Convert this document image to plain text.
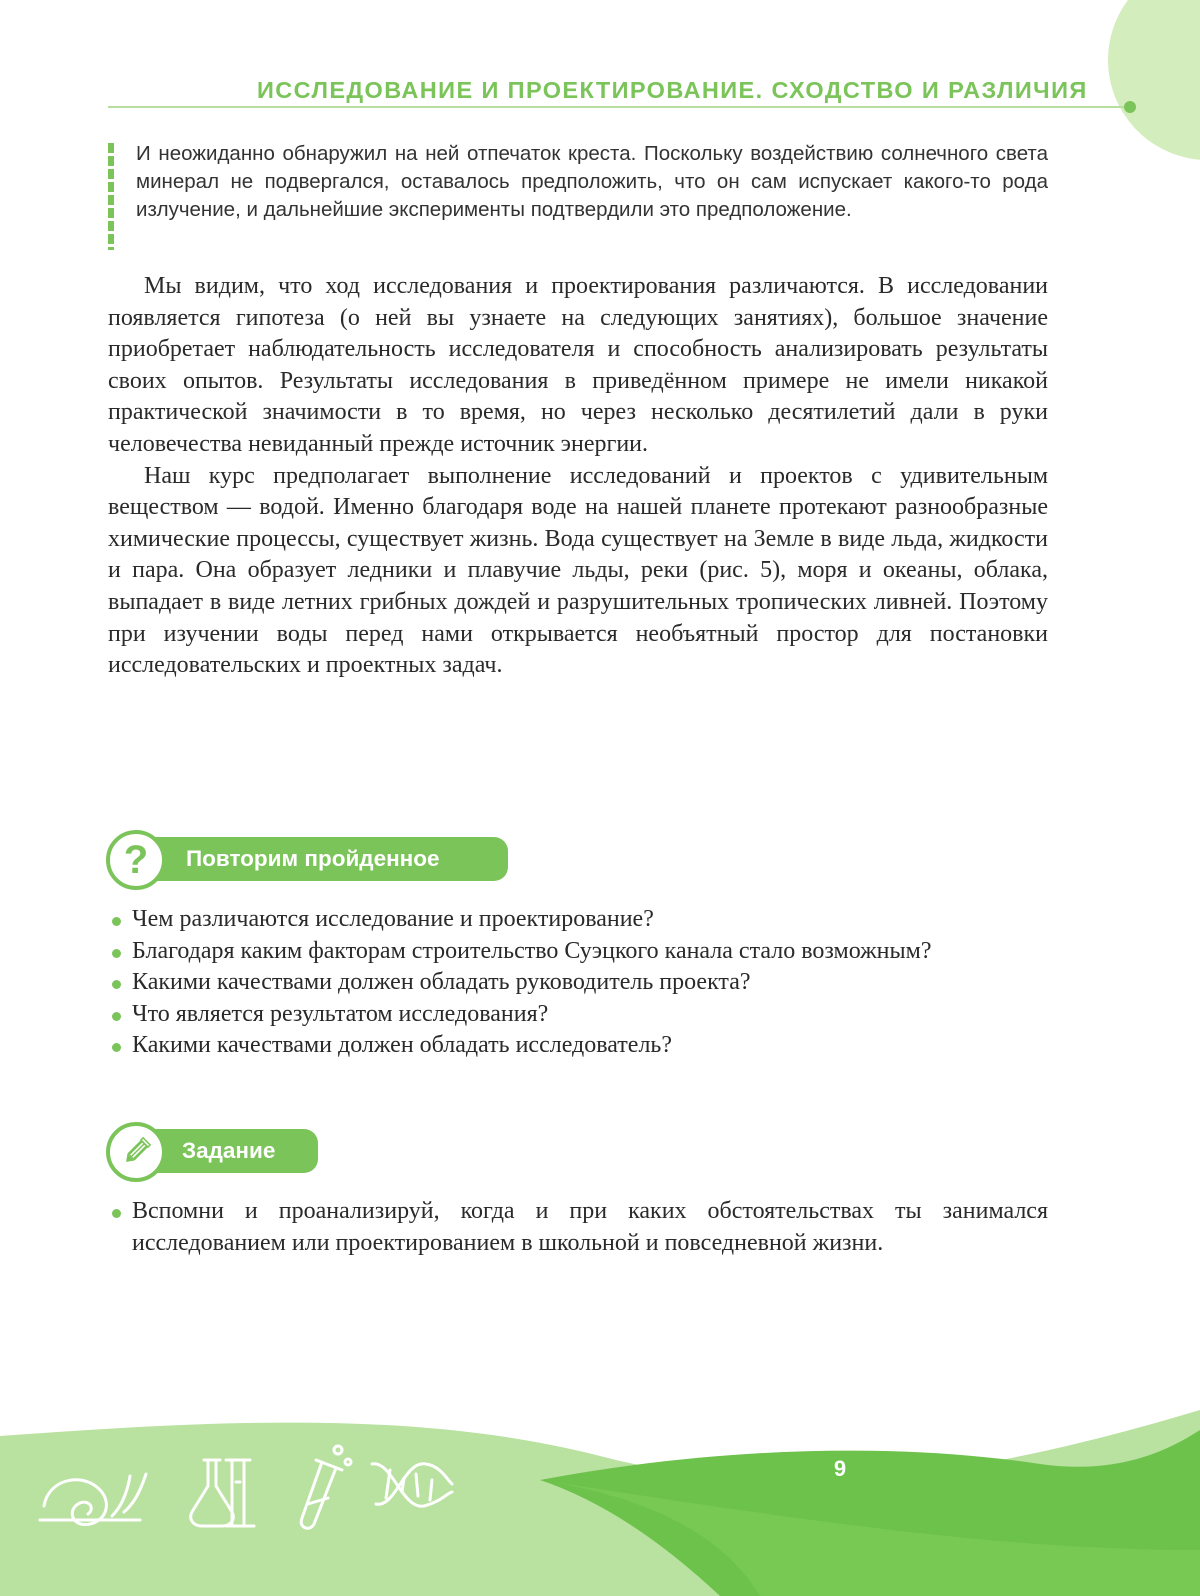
ИССЛЕДОВАНИЕ И ПРОЕКТИРОВАНИЕ. СХОДСТВО И РАЗЛИЧИЯ

И неожиданно обнаружил на ней отпечаток креста. Поскольку воздействию солнечного света минерал не подвергался, оставалось предположить, что он сам испускает какого-то рода излучение, и дальнейшие эксперименты подтвердили это предположение.

Мы видим, что ход исследования и проектирования различаются. В исследовании появляется гипотеза (о ней вы узнаете на следующих занятиях), большое значение приобретает наблюдательность исследователя и способность анализировать результаты своих опытов. Результаты исследования в приведённом примере не имели никакой практической значимости в то время, но через несколько десятилетий дали в руки человечества невиданный прежде источник энергии.

Наш курс предполагает выполнение исследований и проектов с удивительным веществом — водой. Именно благодаря воде на нашей планете протекают разнообразные химические процессы, существует жизнь. Вода существует на Земле в виде льда, жидкости и пара. Она образует ледники и плавучие льды, реки (рис. 5), моря и океаны, облака, выпадает в виде летних грибных дождей и разрушительных тропических ливней. Поэтому при изучении воды перед нами открывается необъятный простор для постановки исследовательских и проектных задач.

Повторим пройденное
?
Чем различаются исследование и проектирование?
Благодаря каким факторам строительство Суэцкого канала стало возможным?
Какими качествами должен обладать руководитель проекта?
Что является результатом исследования?
Какими качествами должен обладать исследователь?
Задание
Вспомни и проанализируй, когда и при каких обстоятельствах ты занимался исследованием или проектированием в школьной и повседневной жизни.
9
